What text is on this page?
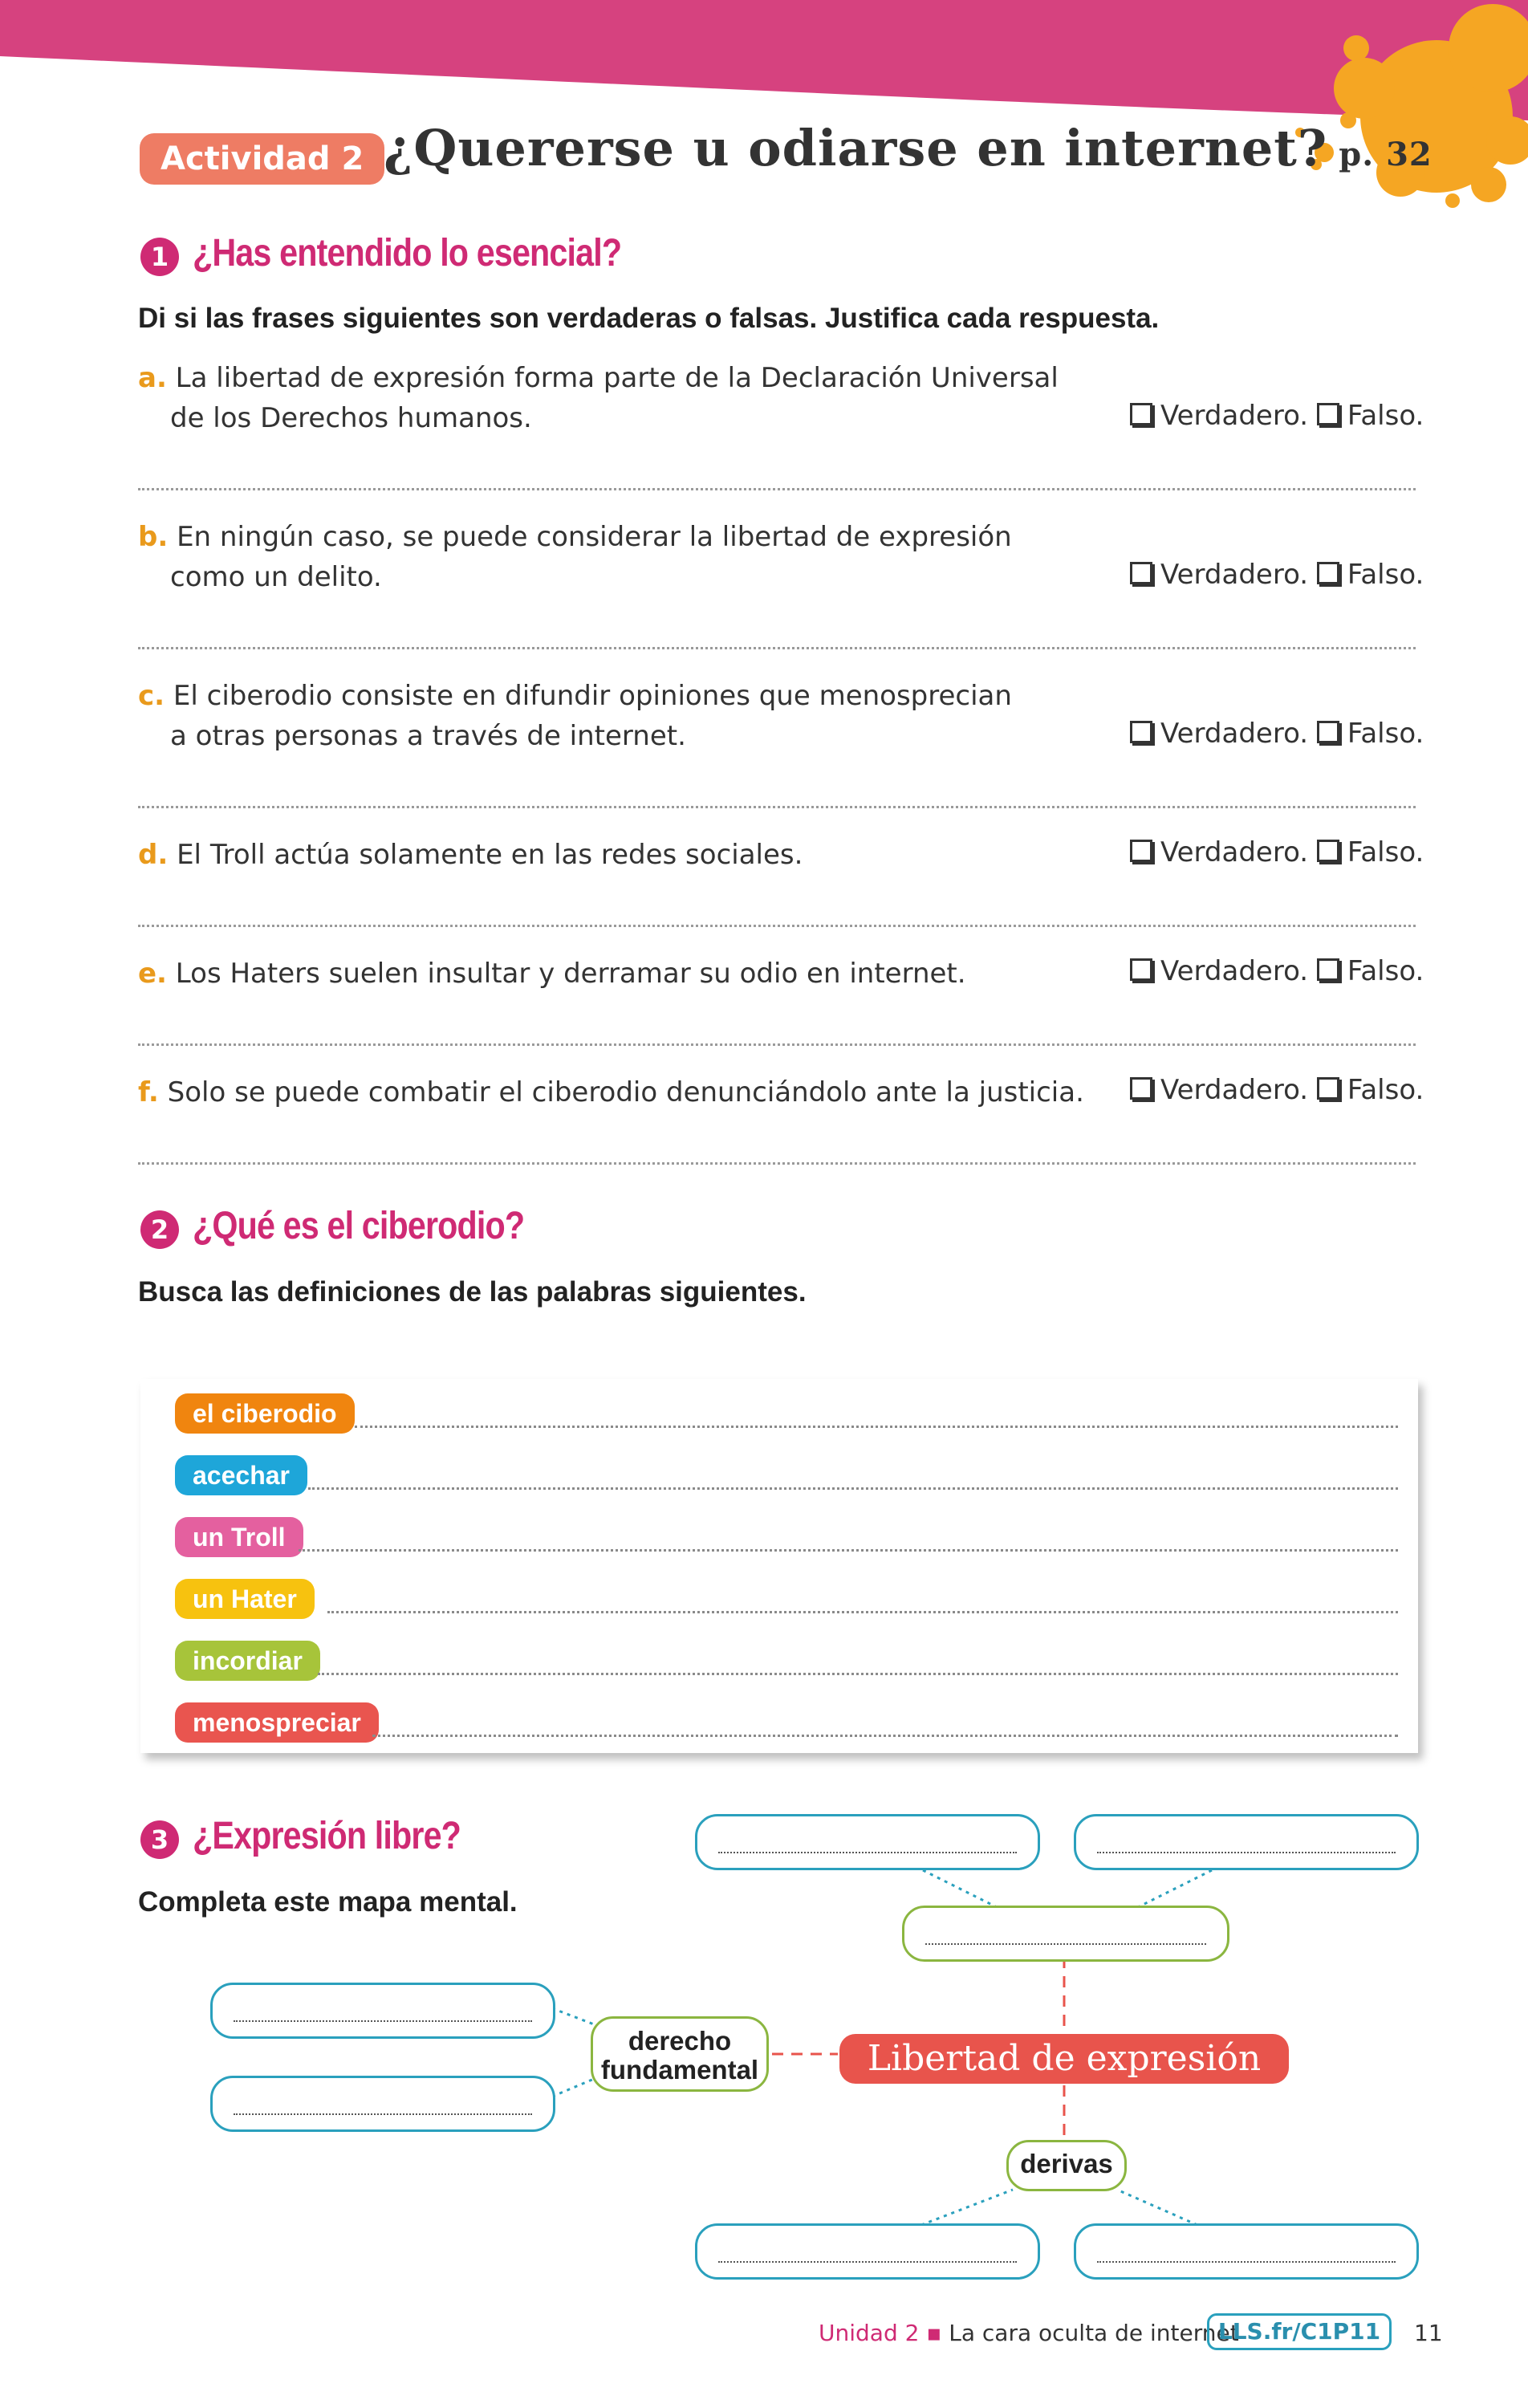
Actividad 2 ¿Quererse u odiarse en internet? p. 32
1 ¿Has entendido lo esencial?
Di si las frases siguientes son verdaderas o falsas. Justifica cada respuesta.
a. La libertad de expresión forma parte de la Declaración Universal
de los Derechos humanos.	Verdadero. Falso.
b. En ningún caso, se puede considerar la libertad de expresión
como un delito.	Verdadero. Falso.
c. El ciberodio consiste en difundir opiniones que menosprecian
a otras personas a través de internet.	Verdadero. Falso.
d. El Troll actúa solamente en las redes sociales.	Verdadero. Falso.
e. Los Haters suelen insultar y derramar su odio en internet.	Verdadero. Falso.
f. Solo se puede combatir el ciberodio denunciándolo ante la justicia.	Verdadero. Falso.
2 ¿Qué es el ciberodio?
Busca las definiciones de las palabras siguientes.
el ciberodio
acechar
un Troll
un Hater
incordiar
menospreciar
3 ¿Expresión libre?
Completa este mapa mental.
derecho
fundamental	Libertad de expresión
derivas
Unidad 2 ▪ La cara oculta de internet
LLS.fr/C1P11	11
